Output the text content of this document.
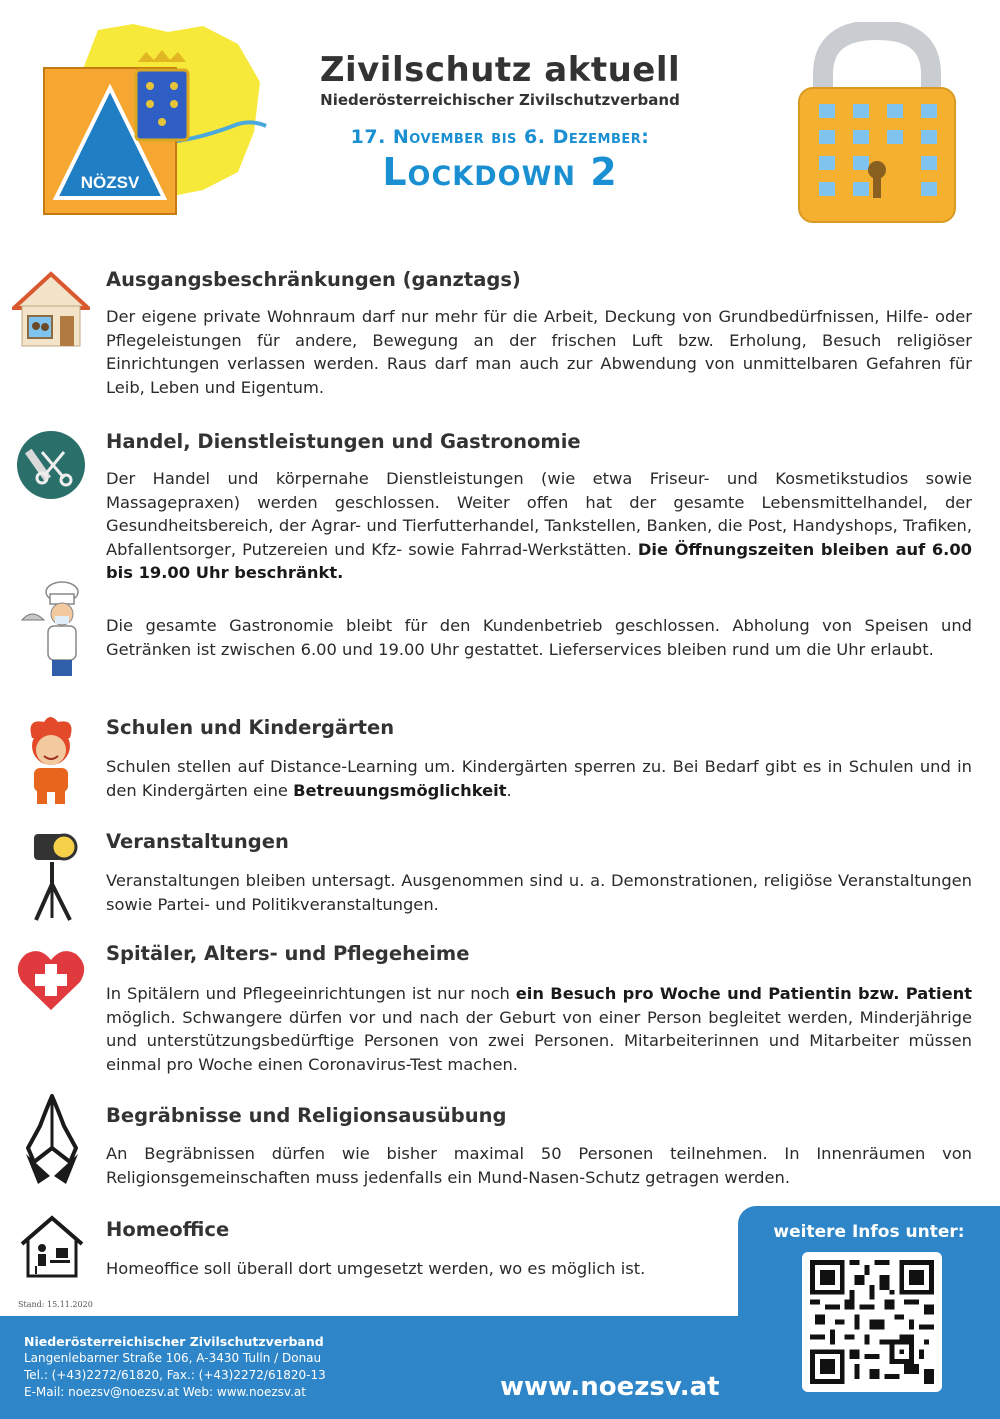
NÖZSV
Zivilschutz aktuell
Niederösterreichischer Zivilschutzverband
17. November bis 6. Dezember:
Lockdown 2
Ausgangsbeschränkungen (ganztags)
Der eigene private Wohnraum darf nur mehr für die Arbeit, Deckung von Grundbedürfnissen, Hilfe- oder Pflegeleistungen für andere, Bewegung an der frischen Luft bzw. Erholung, Besuch religiöser Einrichtungen verlassen werden. Raus darf man auch zur Abwendung von unmittelbaren Gefahren für Leib, Leben und Eigentum.
Handel, Dienstleistungen und Gastronomie
Der Handel und körpernahe Dienstleistungen (wie etwa Friseur- und Kosmetikstudios sowie Massagepraxen) werden geschlossen. Weiter offen hat der gesamte Lebensmittelhandel, der Gesundheitsbereich, der Agrar- und Tierfutterhandel, Tankstellen, Banken, die Post, Handyshops, Trafiken, Abfallentsorger, Putzereien und Kfz- sowie Fahrrad-Werkstätten. Die Öffnungszeiten bleiben auf 6.00 bis 19.00 Uhr beschränkt.
Die gesamte Gastronomie bleibt für den Kundenbetrieb geschlossen. Abholung von Speisen und Getränken ist zwischen 6.00 und 19.00 Uhr gestattet. Lieferservices bleiben rund um die Uhr erlaubt.
Schulen und Kindergärten
Schulen stellen auf Distance-Learning um. Kindergärten sperren zu. Bei Bedarf gibt es in Schulen und in den Kindergärten eine Betreuungsmöglichkeit.
Veranstaltungen
Veranstaltungen bleiben untersagt. Ausgenommen sind u. a. Demonstrationen, religiöse Veranstaltungen sowie Partei- und Politikveranstaltungen.
Spitäler, Alters- und Pflegeheime
In Spitälern und Pflegeeinrichtungen ist nur noch ein Besuch pro Woche und Patientin bzw. Patient möglich. Schwangere dürfen vor und nach der Geburt von einer Person begleitet werden, Minderjährige und unterstützungsbedürftige Personen von zwei Personen. Mitarbeiterinnen und Mitarbeiter müssen einmal pro Woche einen Coronavirus-Test machen.
Begräbnisse und Religionsausübung
An Begräbnissen dürfen wie bisher maximal 50 Personen teilnehmen. In Innenräumen von Religionsgemeinschaften muss jedenfalls ein Mund-Nasen-Schutz getragen werden.
Homeoffice
Homeoffice soll überall dort umgesetzt werden, wo es möglich ist.
Stand: 15.11.2020
Niederösterreichischer Zivilschutzverband
Langenlebarner Straße 106, A-3430 Tulln / Donau
Tel.: (+43)2272/61820, Fax.: (+43)2272/61820-13
E-Mail: noezsv@noezsv.at Web: www.noezsv.at	www.noezsv.at
weitere Infos unter:
